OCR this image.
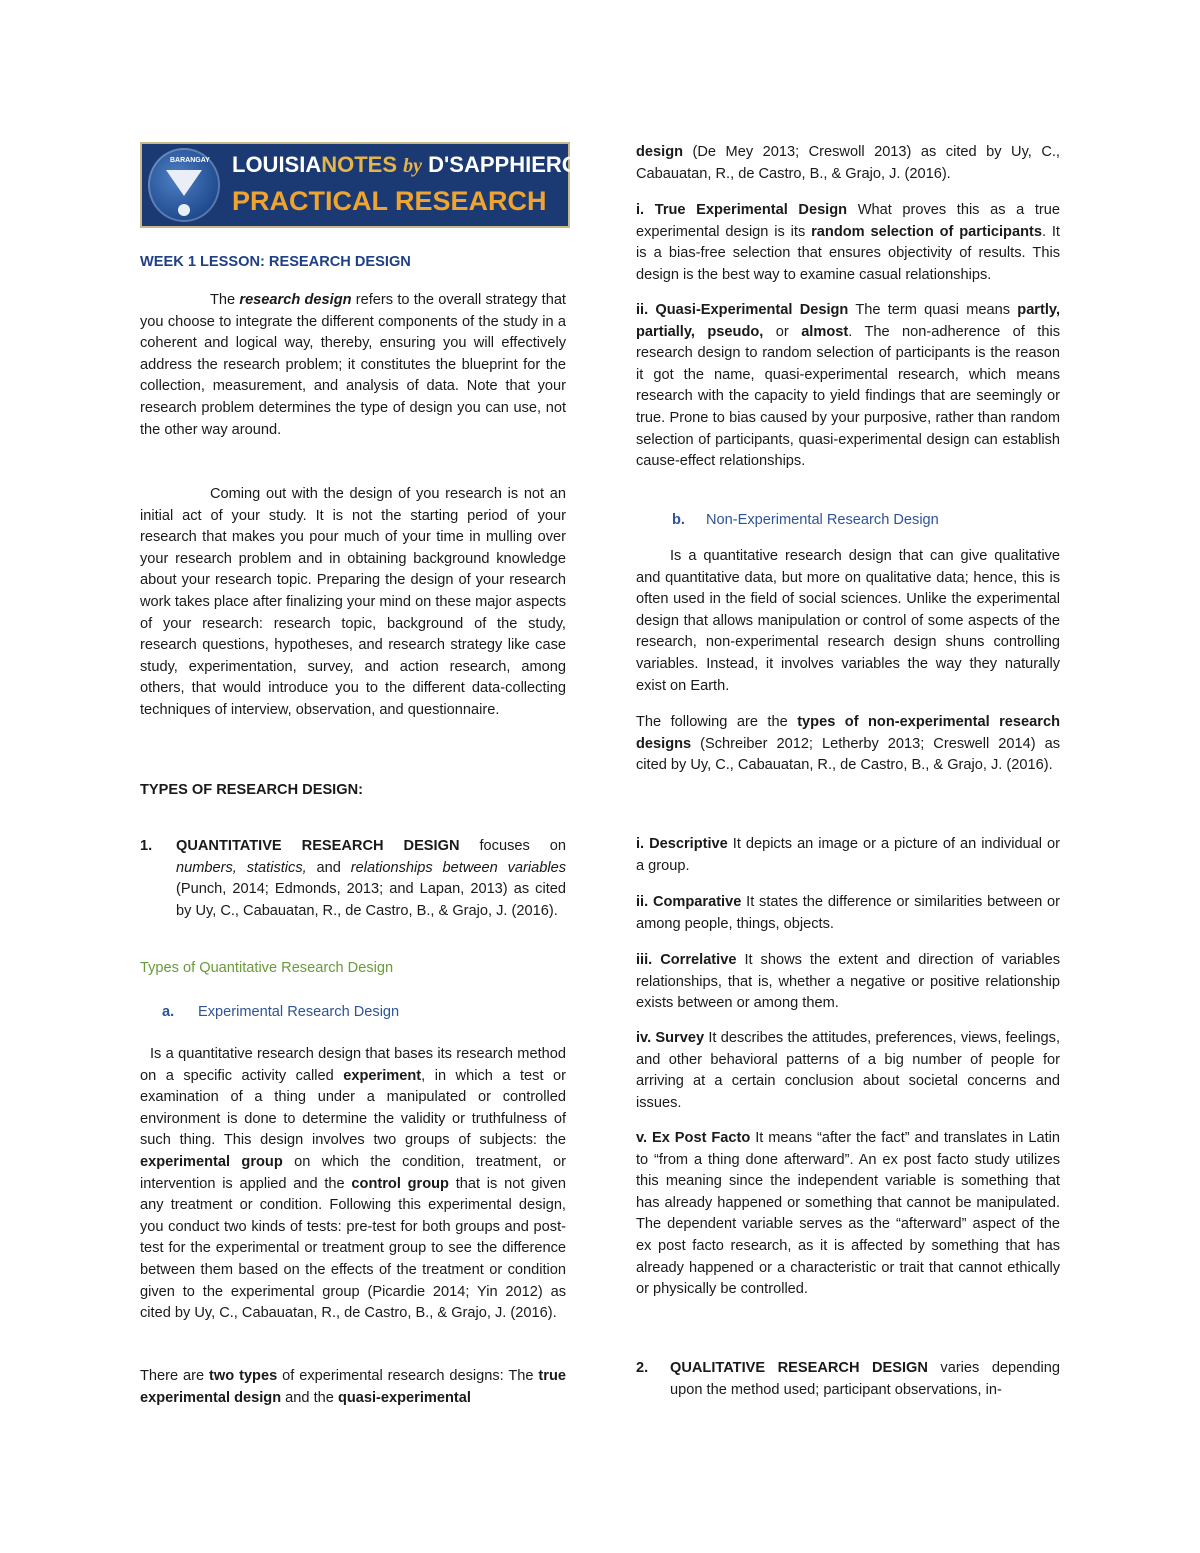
BARANGAY LOUISIANOTES by D'SAPPHIEROS
PRACTICAL RESEARCH

WEEK 1 LESSON: RESEARCH DESIGN

The research design refers to the overall strategy that you choose to integrate the different components of the study in a coherent and logical way, thereby, ensuring you will effectively address the research problem; it constitutes the blueprint for the collection, measurement, and analysis of data. Note that your research problem determines the type of design you can use, not the other way around.

Coming out with the design of you research is not an initial act of your study. It is not the starting period of your research that makes you pour much of your time in mulling over your research problem and in obtaining background knowledge about your research topic. Preparing the design of your research work takes place after finalizing your mind on these major aspects of your research: research topic, background of the study, research questions, hypotheses, and research strategy like case study, experimentation, survey, and action research, among others, that would introduce you to the different data-collecting techniques of interview, observation, and questionnaire.

TYPES OF RESEARCH DESIGN:

1. QUANTITATIVE RESEARCH DESIGN focuses on numbers, statistics, and relationships between variables (Punch, 2014; Edmonds, 2013; and Lapan, 2013) as cited by Uy, C., Cabauatan, R., de Castro, B., & Grajo, J. (2016).

Types of Quantitative Research Design

a. Experimental Research Design

Is a quantitative research design that bases its research method on a specific activity called experiment, in which a test or examination of a thing under a manipulated or controlled environment is done to determine the validity or truthfulness of such thing. This design involves two groups of subjects: the experimental group on which the condition, treatment, or intervention is applied and the control group that is not given any treatment or condition. Following this experimental design, you conduct two kinds of tests: pre-test for both groups and post-test for the experimental or treatment group to see the difference between them based on the effects of the treatment or condition given to the experimental group (Picardie 2014; Yin 2012) as cited by Uy, C., Cabauatan, R., de Castro, B., & Grajo, J. (2016).

There are two types of experimental research designs: The true experimental design and the quasi-experimental

design (De Mey 2013; Creswoll 2013) as cited by Uy, C., Cabauatan, R., de Castro, B., & Grajo, J. (2016).

i. True Experimental Design What proves this as a true experimental design is its random selection of participants. It is a bias-free selection that ensures objectivity of results. This design is the best way to examine casual relationships.

ii. Quasi-Experimental Design The term quasi means partly, partially, pseudo, or almost. The non-adherence of this research design to random selection of participants is the reason it got the name, quasi-experimental research, which means research with the capacity to yield findings that are seemingly or true. Prone to bias caused by your purposive, rather than random selection of participants, quasi-experimental design can establish cause-effect relationships.

b. Non-Experimental Research Design

Is a quantitative research design that can give qualitative and quantitative data, but more on qualitative data; hence, this is often used in the field of social sciences. Unlike the experimental design that allows manipulation or control of some aspects of the research, non-experimental research design shuns controlling variables. Instead, it involves variables the way they naturally exist on Earth.

The following are the types of non-experimental research designs (Schreiber 2012; Letherby 2013; Creswell 2014) as cited by Uy, C., Cabauatan, R., de Castro, B., & Grajo, J. (2016).

i. Descriptive It depicts an image or a picture of an individual or a group.

ii. Comparative It states the difference or similarities between or among people, things, objects.

iii. Correlative It shows the extent and direction of variables relationships, that is, whether a negative or positive relationship exists between or among them.

iv. Survey It describes the attitudes, preferences, views, feelings, and other behavioral patterns of a big number of people for arriving at a certain conclusion about societal concerns and issues.

v. Ex Post Facto It means “after the fact” and translates in Latin to “from a thing done afterward”. An ex post facto study utilizes this meaning since the independent variable is something that has already happened or something that cannot be manipulated. The dependent variable serves as the “afterward” aspect of the ex post facto research, as it is affected by something that has already happened or a characteristic or trait that cannot ethically or physically be controlled.

2. QUALITATIVE RESEARCH DESIGN varies depending upon the method used; participant observations, in-
